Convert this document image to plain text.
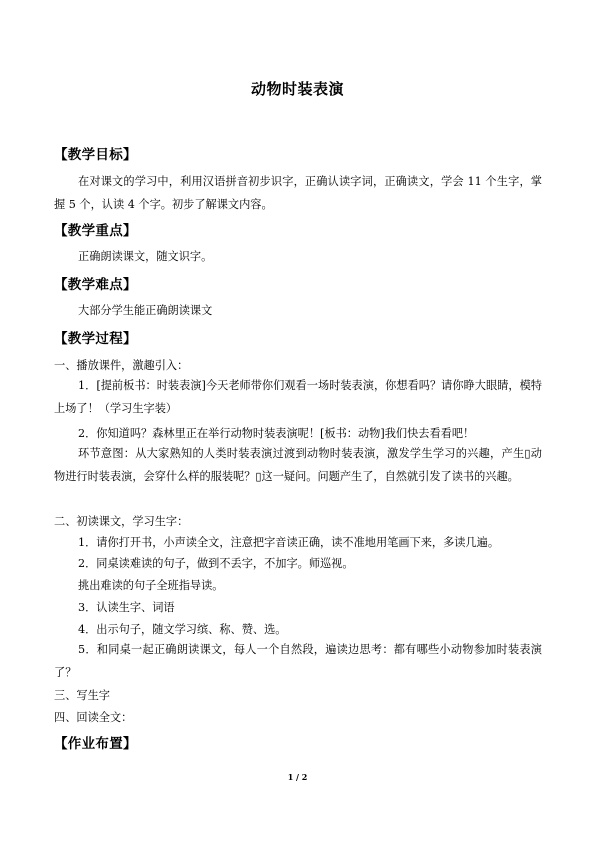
动物时装表演
【教学目标】
在对课文的学习中，利用汉语拼音初步识字，正确认读字词，正确读文，学会 11 个生字，掌握 5 个，认读 4 个字。初步了解课文内容。
【教学重点】
正确朗读课文，随文识字。
【教学难点】
大部分学生能正确朗读课文
【教学过程】
一、播放课件，激趣引入：
1．[提前板书：时装表演]今天老师带你们观看一场时装表演，你想看吗？请你睁大眼睛，模特上场了！（学习生字装）
2．你知道吗？森林里正在举行动物时装表演呢！[板书：动物]我们快去看看吧！
环节意图：从大家熟知的人类时装表演过渡到动物时装表演，激发学生学习的兴趣，产生▯动物进行时装表演，会穿什么样的服装呢？▯这一疑问。问题产生了，自然就引发了读书的兴趣。
二、初读课文，学习生字：
1．请你打开书，小声读全文，注意把字音读正确，读不准地用笔画下来，多读几遍。
2．同桌读难读的句子，做到不丢字，不加字。师巡视。
挑出难读的句子全班指导读。
3．认读生字、词语
4．出示句子，随文学习缤、称、赞、选。
5．和同桌一起正确朗读课文，每人一个自然段，遍读边思考：都有哪些小动物参加时装表演了？
三、写生字
四、回读全文：
【作业布置】
1 / 2
